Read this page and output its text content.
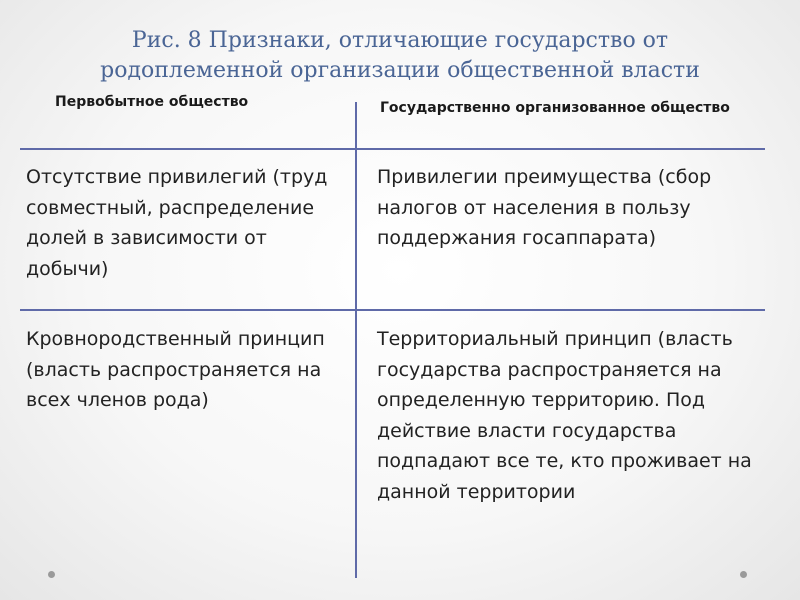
Рис. 8 Признаки, отличающие государство от
родоплеменной организации общественной власти
Первобытное общество	Государственно организованное общество
Отсутствие привилегий (труд совместный, распределение долей в зависимости от добычи)
Привилегии преимущества (сбор налогов от населения в пользу поддержания госаппарата)
Кровнородственный принцип (власть распространяется на всех членов рода)
Территориальный принцип (власть государства распространяется на определенную территорию. Под действие власти государства подпадают все те, кто проживает на данной территории
